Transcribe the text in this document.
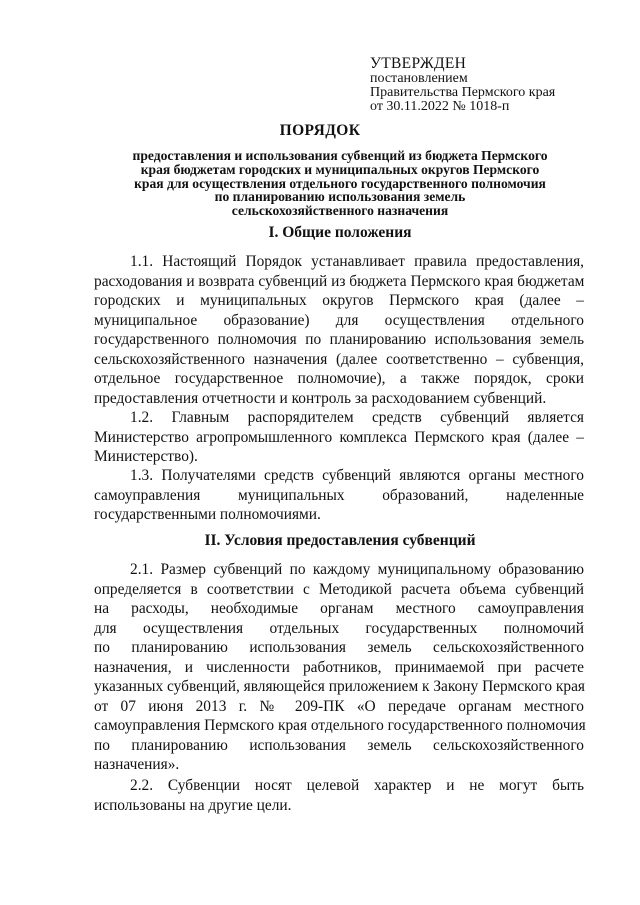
УТВЕРЖДЕН
постановлением
Правительства Пермского края
от 30.11.2022 № 1018-п
ПОРЯДОК
предоставления и использования субвенций из бюджета Пермского
края бюджетам городских и муниципальных округов Пермского
края для осуществления отдельного государственного полномочия
по планированию использования земель
сельскохозяйственного назначения
I. Общие положения
1.1. Настоящий Порядок устанавливает правила предоставления,
расходования и возврата субвенций из бюджета Пермского края бюджетам
городских и муниципальных округов Пермского края (далее –
муниципальное образование) для осуществления отдельного
государственного полномочия по планированию использования земель
сельскохозяйственного назначения (далее соответственно – субвенция,
отдельное государственное полномочие), а также порядок, сроки
предоставления отчетности и контроль за расходованием субвенций.
1.2. Главным распорядителем средств субвенций является
Министерство агропромышленного комплекса Пермского края (далее –
Министерство).
1.3. Получателями средств субвенций являются органы местного
самоуправления муниципальных образований, наделенные
государственными полномочиями.
II. Условия предоставления субвенций
2.1. Размер субвенций по каждому муниципальному образованию
определяется в соответствии с Методикой расчета объема субвенций
на расходы, необходимые органам местного самоуправления
для осуществления отдельных государственных полномочий
по планированию использования земель сельскохозяйственного
назначения, и численности работников, принимаемой при расчете
указанных субвенций, являющейся приложением к Закону Пермского края
от 07 июня 2013 г. № 209-ПК «О передаче органам местного
самоуправления Пермского края отдельного государственного полномочия
по планированию использования земель сельскохозяйственного
назначения».
2.2. Субвенции носят целевой характер и не могут быть
использованы на другие цели.
